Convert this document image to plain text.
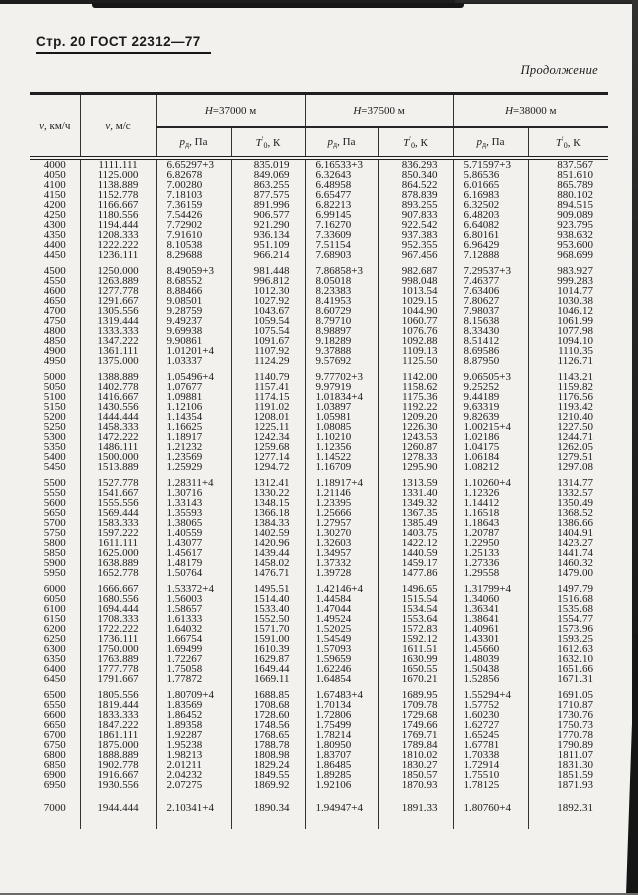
Стр. 20 ГОСТ 22312—77
Продолжение
v, км/ч	v, м/с	H=37000 м		H=37500 м		H=38000 м	
		$p_д$, Па	$T'_0$, К	$p_д$, Па	$T'_0$, К	$p_д$, Па	$T'_0$, К
4000	1111.111	6.65297+3	835.019	6.16533+3	836.293	5.71597+3	837.567
4050	1125.000	6.82678	849.069	6.32643	850.340	5.86536	851.610
4100	1138.889	7.00280	863.255	6.48958	864.522	6.01665	865.789
4150	1152.778	7.18103	877.575	6.65477	878.839	6.16983	880.102
4200	1166.667	7.36159	891.996	6.82213	893.255	6.32502	894.515
4250	1180.556	7.54426	906.577	6.99145	907.833	6.48203	909.089
4300	1194.444	7.72902	921.290	7.16270	922.542	6.64082	923.795
4350	1208.333	7.91610	936.134	7.33609	937.383	6.80161	938.632
4400	1222.222	8.10538	951.109	7.51154	952.355	6.96429	953.600
4450	1236.111	8.29688	966.214	7.68903	967.456	7.12888	968.699

4500	1250.000	8.49059+3	981.448	7.86858+3	982.687	7.29537+3	983.927
4550	1263.889	8.68552	996.812	8.05018	998.048	7.46377	999.283
4600	1277.778	8.88466	1012.30	8.23383	1013.54	7.63406	1014.77
4650	1291.667	9.08501	1027.92	8.41953	1029.15	7.80627	1030.38
4700	1305.556	9.28759	1043.67	8.60729	1044.90	7.98037	1046.12
4750	1319.444	9.49237	1059.54	8.79710	1060.77	8.15638	1061.99
4800	1333.333	9.69938	1075.54	8.98897	1076.76	8.33430	1077.98
4850	1347.222	9.90861	1091.67	9.18289	1092.88	8.51412	1094.10
4900	1361.111	1.01201+4	1107.92	9.37888	1109.13	8.69586	1110.35
4950	1375.000	1.03337	1124.29	9.57692	1125.50	8.87950	1126.71

5000	1388.889	1.05496+4	1140.79	9.77702+3	1142.00	9.06505+3	1143.21
5050	1402.778	1.07677	1157.41	9.97919	1158.62	9.25252	1159.82
5100	1416.667	1.09881	1174.15	1.01834+4	1175.36	9.44189	1176.56
5150	1430.556	1.12106	1191.02	1.03897	1192.22	9.63319	1193.42
5200	1444.444	1.14354	1208.01	1.05981	1209.20	9.82639	1210.40
5250	1458.333	1.16625	1225.11	1.08085	1226.30	1.00215+4	1227.50
5300	1472.222	1.18917	1242.34	1.10210	1243.53	1.02186	1244.71
5350	1486.111	1.21232	1259.68	1.12356	1260.87	1.04175	1262.05
5400	1500.000	1.23569	1277.14	1.14522	1278.33	1.06184	1279.51
5450	1513.889	1.25929	1294.72	1.16709	1295.90	1.08212	1297.08

5500	1527.778	1.28311+4	1312.41	1.18917+4	1313.59	1.10260+4	1314.77
5550	1541.667	1.30716	1330.22	1.21146	1331.40	1.12326	1332.57
5600	1555.556	1.33143	1348.15	1.23395	1349.32	1.14412	1350.49
5650	1569.444	1.35593	1366.18	1.25666	1367.35	1.16518	1368.52
5700	1583.333	1.38065	1384.33	1.27957	1385.49	1.18643	1386.66
5750	1597.222	1.40559	1402.59	1.30270	1403.75	1.20787	1404.91
5800	1611.111	1.43077	1420.96	1.32603	1422.12	1.22950	1423.27
5850	1625.000	1.45617	1439.44	1.34957	1440.59	1.25133	1441.74
5900	1638.889	1.48179	1458.02	1.37332	1459.17	1.27336	1460.32
5950	1652.778	1.50764	1476.71	1.39728	1477.86	1.29558	1479.00

6000	1666.667	1.53372+4	1495.51	1.42146+4	1496.65	1.31799+4	1497.79
6050	1680.556	1.56003	1514.40	1.44584	1515.54	1.34060	1516.68
6100	1694.444	1.58657	1533.40	1.47044	1534.54	1.36341	1535.68
6150	1708.333	1.61333	1552.50	1.49524	1553.64	1.38641	1554.77
6200	1722.222	1.64032	1571.70	1.52025	1572.83	1.40961	1573.96
6250	1736.111	1.66754	1591.00	1.54549	1592.12	1.43301	1593.25
6300	1750.000	1.69499	1610.39	1.57093	1611.51	1.45660	1612.63
6350	1763.889	1.72267	1629.87	1.59659	1630.99	1.48039	1632.10
6400	1777.778	1.75058	1649.44	1.62246	1650.55	1.50438	1651.66
6450	1791.667	1.77872	1669.11	1.64854	1670.21	1.52856	1671.31

6500	1805.556	1.80709+4	1688.85	1.67483+4	1689.95	1.55294+4	1691.05
6550	1819.444	1.83569	1708.68	1.70134	1709.78	1.57752	1710.87
6600	1833.333	1.86452	1728.60	1.72806	1729.68	1.60230	1730.76
6650	1847.222	1.89358	1748.56	1.75499	1749.66	1.62727	1750.73
6700	1861.111	1.92287	1768.65	1.78214	1769.71	1.65245	1770.78
6750	1875.000	1.95238	1788.78	1.80950	1789.84	1.67781	1790.89
6800	1888.889	1.98213	1808.98	1.83707	1810.02	1.70338	1811.07
6850	1902.778	2.01211	1829.24	1.86485	1830.27	1.72914	1831.30
6900	1916.667	2.04232	1849.55	1.89285	1850.57	1.75510	1851.59
6950	1930.556	2.07275	1869.92	1.92106	1870.93	1.78125	1871.93

7000	1944.444	2.10341+4	1890.34	1.94947+4	1891.33	1.80760+4	1892.31
